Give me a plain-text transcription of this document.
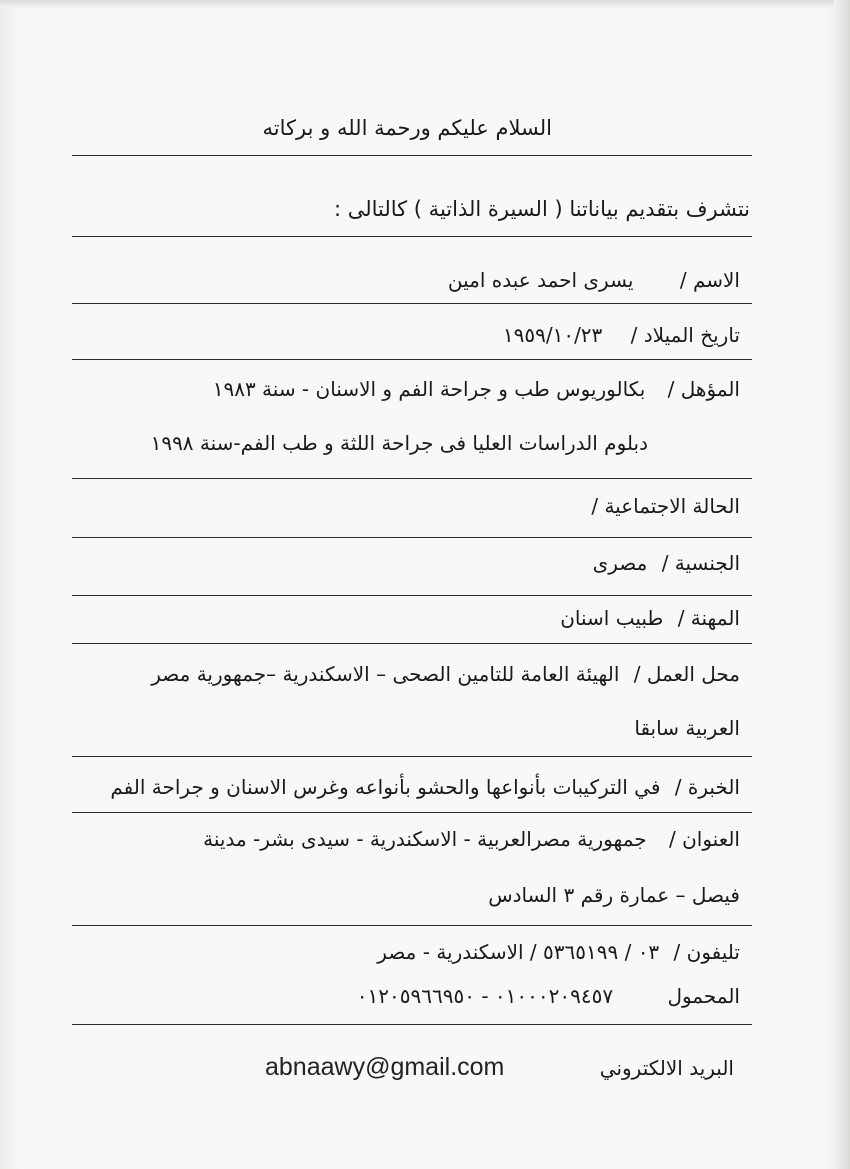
السلام عليكم ورحمة الله و بركاته
نتشرف بتقديم بياناتنا ( السيرة الذاتية ) كالتالى :
الاسم / يسرى احمد عبده امين
تاريخ الميلاد / ١٩٥٩/١٠/٢٣
المؤهل / بكالوريوس طب و جراحة الفم و الاسنان - سنة ١٩٨٣
دبلوم الدراسات العليا فى جراحة اللثة و طب الفم-سنة ١٩٩٨
الحالة الاجتماعية /
الجنسية / مصرى
المهنة / طبيب اسنان
محل العمل / الهيئة العامة للتامين الصحى – الاسكندرية –جمهورية مصر
العربية سابقا
الخبرة / في التركيبات بأنواعها والحشو بأنواعه وغرس الاسنان و جراحة الفم
العنوان / جمهورية مصرالعربية - الاسكندرية - سيدى بشر- مدينة
فيصل – عمارة رقم ٣ السادس
تليفون / ٠٣ / ٥٣٦٥١٩٩ / الاسكندرية - مصر
المحمول ٠١٠٠٠٢٠٩٤٥٧ - ٠١٢٠٥٩٦٦٩٥٠
البريد الالكتروني
abnaawy@gmail.com
